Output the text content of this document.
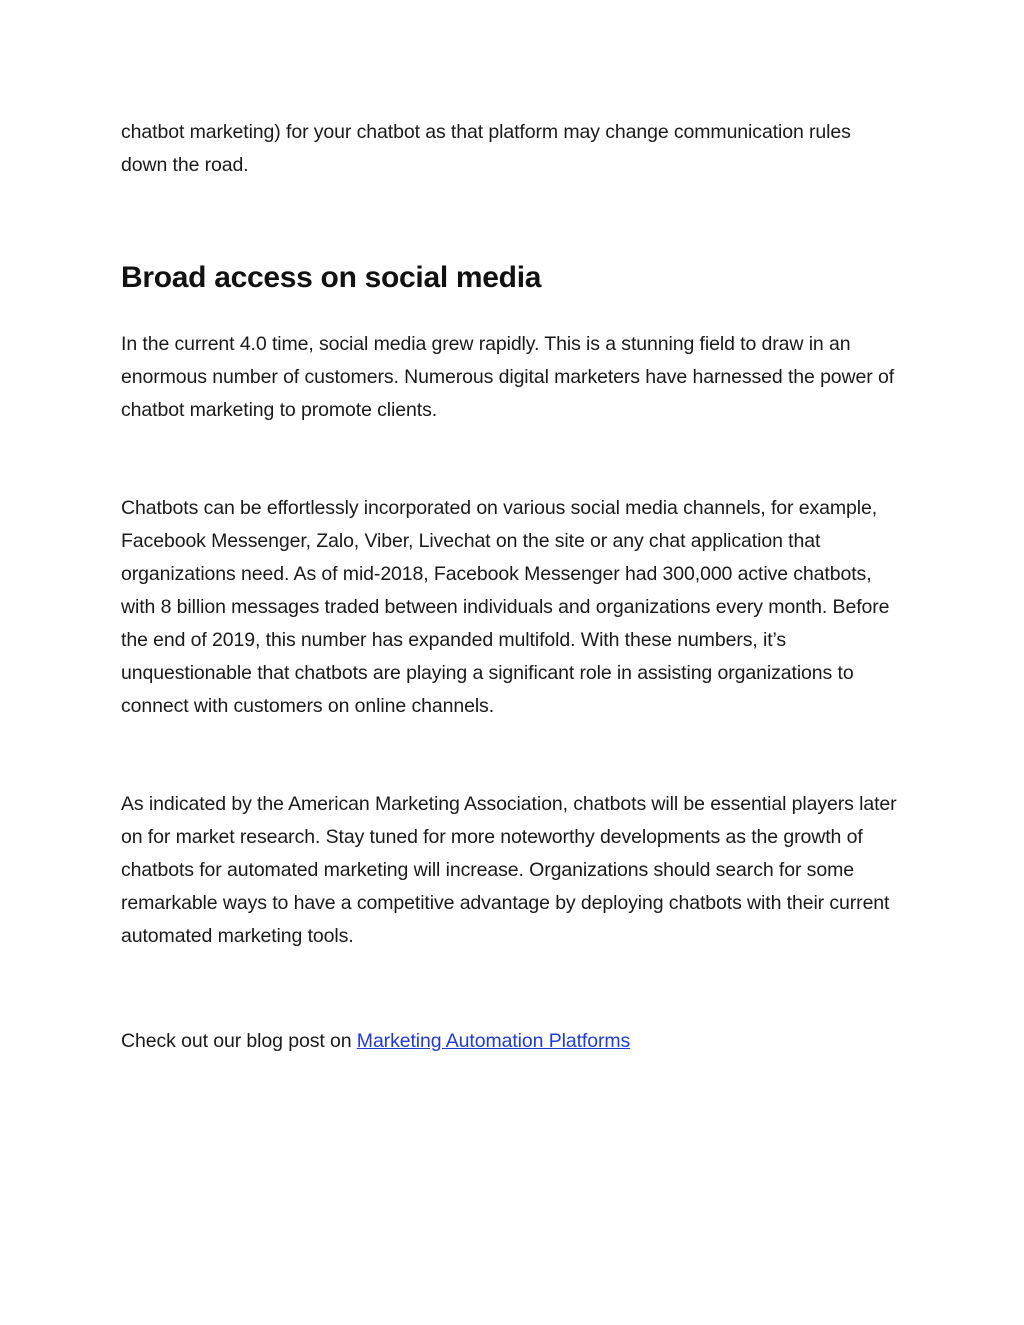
chatbot marketing) for your chatbot as that platform may change communication rules down the road.

Broad access on social media

In the current 4.0 time, social media grew rapidly. This is a stunning field to draw in an enormous number of customers. Numerous digital marketers have harnessed the power of chatbot marketing to promote clients.

Chatbots can be effortlessly incorporated on various social media channels, for example, Facebook Messenger, Zalo, Viber, Livechat on the site or any chat application that organizations need. As of mid-2018, Facebook Messenger had 300,000 active chatbots, with 8 billion messages traded between individuals and organizations every month. Before the end of 2019, this number has expanded multifold. With these numbers, it’s unquestionable that chatbots are playing a significant role in assisting organizations to connect with customers on online channels.

As indicated by the American Marketing Association, chatbots will be essential players later on for market research. Stay tuned for more noteworthy developments as the growth of chatbots for automated marketing will increase. Organizations should search for some remarkable ways to have a competitive advantage by deploying chatbots with their current automated marketing tools.

Check out our blog post on Marketing Automation Platforms
